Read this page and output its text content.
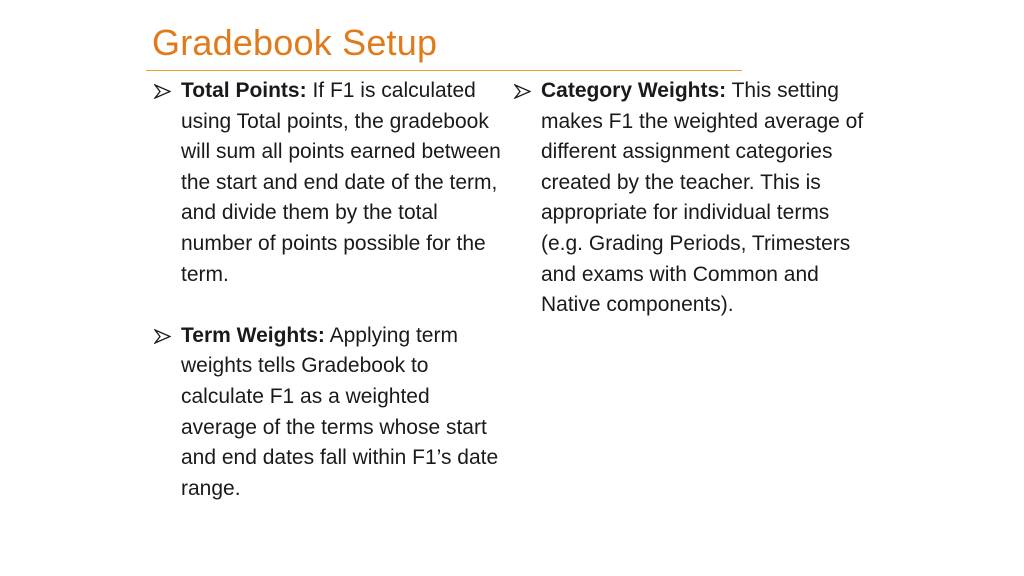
Gradebook Setup
Total Points: If F1 is calculated using Total points, the gradebook will sum all points earned between the start and end date of the term, and divide them by the total number of points possible for the term.
Term Weights: Applying term weights tells Gradebook to calculate F1 as a weighted average of the terms whose start and end dates fall within F1’s date range.
Category Weights: This setting makes F1 the weighted average of different assignment categories created by the teacher. This is appropriate for individual terms (e.g. Grading Periods, Trimesters and exams with Common and Native components).
